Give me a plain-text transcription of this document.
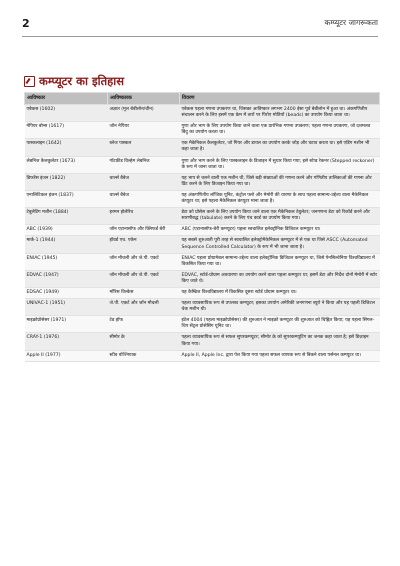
2	कम्प्यूटर जागरूकता
कम्प्यूटर का इतिहास
आविष्कार	आविष्कारक	विवरण
एबेकस (1602)	अज्ञात (मूल बेबीलोन/चीन)	एबेकस पहला गणना उपकरण था, जिसका आविष्कार लगभग 2400 ईसा पूर्व बेबीलोन में हुआ था। अंकगणितीय संचालन करने के लिए इसमें एक फ्रेम में तारों पर पिरोए मोतियों (beads) का उपयोग किया जाता था।
नेपियर बोन्स (1617)	जॉन नेपियर	गुणा और भाग के लिए उपयोग किया जाने वाला एक प्रारंभिक गणना उपकरण; पहला गणना उपकरण, जो दशमलव बिंदु का उपयोग करता था।
पास्कलाइन (1642)	ब्लेज पास्कल	एक मैकेनिकल कैलकुलेटर, जो गियर और डायल का उपयोग करके जोड़ और घटाव करता था। इसे एडिंग मशीन भी कहा जाता है।
लेबनिज कैलकुलेटर (1673)	गॉटफ्रीड विल्हेम लेबनिज	गुणा और भाग करने के लिए पास्कलाइन के डिजाइन में सुधार किया गया; इसे स्टेप्ड रेकनर (Stepped reckoner) के रूप में जाना जाता था।
डिफरेंस इंजन (1822)	चार्ल्स बैबेज	यह भाप से चलने वाली एक मशीन थी, जिसे बड़ी संख्याओं की गणना करने और गणितीय तालिकाओं की गणना और प्रिंट करने के लिए डिजाइन किया गया था।
एनालिटिकल इंजन (1837)	चार्ल्स बैबेज	यह अंकगणितीय लॉजिक यूनिट, कंट्रोल फ्लो और मेमोरी की धारणा के साथ पहला सामान्य-उद्देश्य वाला मैकेनिकल कंप्यूटर था; इसे पहला मैकेनिकल कंप्यूटर माना जाता है।
टेबुलेटिंग मशीन (1884)	हरमन होलेरिथ	डेटा को प्रोसेस करने के लिए उपयोग किया जाने वाला एक मैकेनिकल टेबुलेटर; जनगणना डेटा को रिकॉर्ड करने और सारणीबद्ध (tabulate) करने के लिए पंच कार्ड का उपयोग किया गया।
ABC (1939)	जॉन एटानासॉफ और क्लिफर्ड बेरी	ABC (एटानासॉफ-बेरी कम्प्यूटर) पहला स्वचालित इलेक्ट्रॉनिक डिजिटल कम्प्यूटर था।
मार्क-1 (1944)	हॉवर्ड एच. एकेन	यह सबसे शुरुआती पूरी तरह से स्वचालित इलेक्ट्रोमैकेनिकल कम्प्यूटर में से एक था जिसे ASCC (Automated Sequence Controlled Calculator) के रूप में भी जाना जाता है।
ENIAC (1945)	जॉन मौचली और जे.पी. एकर्ट	ENIAC पहला प्रोग्रामेबल सामान्य-उद्देश्य वाला इलेक्ट्रॉनिक डिजिटल कम्प्यूटर था, जिसे पेनसिल्वेनिया विश्वविद्यालय में विकसित किया गया था।
EDVAC (1947)	जॉन मौचली और जे.पी. एकर्ट	EDVAC, स्टोर्ड-प्रोग्राम अवधारणा का उपयोग करने वाला पहला कम्प्यूटर था; इसमें डेटा और निर्देश दोनों मेमोरी में स्टोर किए जाते थे।
EDSAC (1949)	मॉरिस विल्केस	यह कैम्ब्रिज विश्वविद्यालय में विकसित दूसरा स्टोर्ड प्रोग्राम कम्प्यूटर था।
UNIVAC-1 (1951)	जे.पी. एकर्ट और जॉन मौचली	पहला व्यावसायिक रूप से उपलब्ध कम्प्यूटर; इसका उपयोग अमेरिकी जनगणना ब्यूरो ने किया और यह पहली डिजिटल चेक मशीन थी।
माइक्रोप्रोसेसर (1971)	टेड हॉफ	इंटेल 4004 (पहला माइक्रोप्रोसेसर) की शुरुआत ने माइक्रो कम्प्यूटर की शुरुआत को चिह्नित किया; यह पहला सिंगल-चिप सेंट्रल प्रोसेसिंग यूनिट था।
CRAY-1 (1976)	सीमोर क्रे	पहला व्यावसायिक रूप से सफल सुपरकम्प्यूटर; सीमोर क्रे को सुपरकम्प्यूटिंग का जनक कहा जाता है; इसे डिज़ाइन किया गया।
Apple II (1977)	स्टीव वोज्नियाक	Apple II, Apple Inc. द्वारा पेश किया गया पहला सफल व्यापक रूप से बिकने वाला पर्सनल कम्प्यूटर था।
